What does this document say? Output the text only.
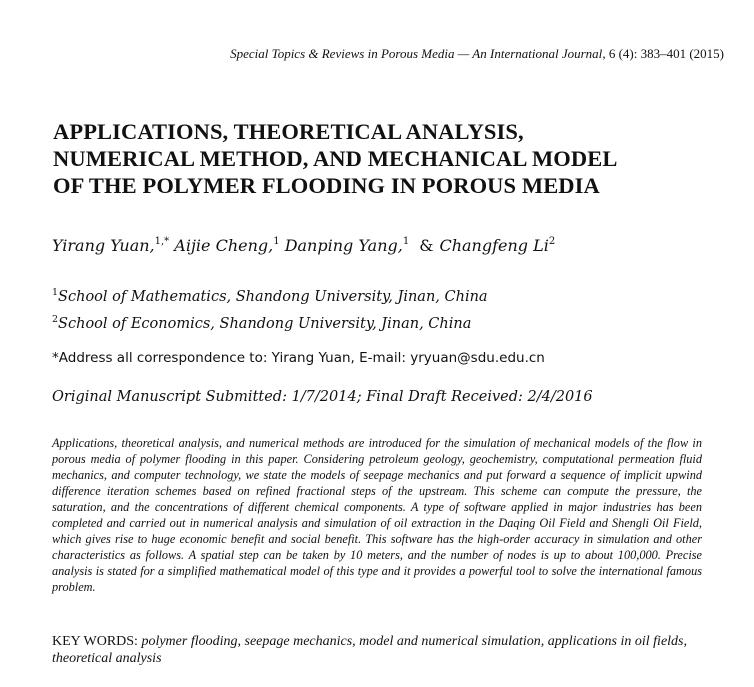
Special Topics & Reviews in Porous Media — An International Journal, 6 (4): 383–401 (2015)
APPLICATIONS, THEORETICAL ANALYSIS,
NUMERICAL METHOD, AND MECHANICAL MODEL
OF THE POLYMER FLOODING IN POROUS MEDIA
Yirang Yuan,$^{1,*}$ Aijie Cheng,$^1$ Danping Yang,$^1$ & Changfeng Li$^2$
$^1$School of Mathematics, Shandong University, Jinan, China
$^2$School of Economics, Shandong University, Jinan, China
*Address all correspondence to: Yirang Yuan, E-mail: yryuan@sdu.edu.cn
Original Manuscript Submitted: 1/7/2014; Final Draft Received: 2/4/2016

Applications, theoretical analysis, and numerical methods are introduced for the simulation of mechanical models of the flow in porous media of polymer flooding in this paper. Considering petroleum geology, geochemistry, computational permeation fluid mechanics, and computer technology, we state the models of seepage mechanics and put forward a sequence of implicit upwind difference iteration schemes based on refined fractional steps of the upstream. This scheme can compute the pressure, the saturation, and the concentrations of different chemical components. A type of software applied in major industries has been completed and carried out in numerical analysis and simulation of oil extraction in the Daqing Oil Field and Shengli Oil Field, which gives rise to huge economic benefit and social benefit. This software has the high-order accuracy in simulation and other characteristics as follows. A spatial step can be taken by 10 meters, and the number of nodes is up to about 100,000. Precise analysis is stated for a simplified mathematical model of this type and it provides a powerful tool to solve the international famous problem.

KEY WORDS: polymer flooding, seepage mechanics, model and numerical simulation, applications in oil fields, theoretical analysis
